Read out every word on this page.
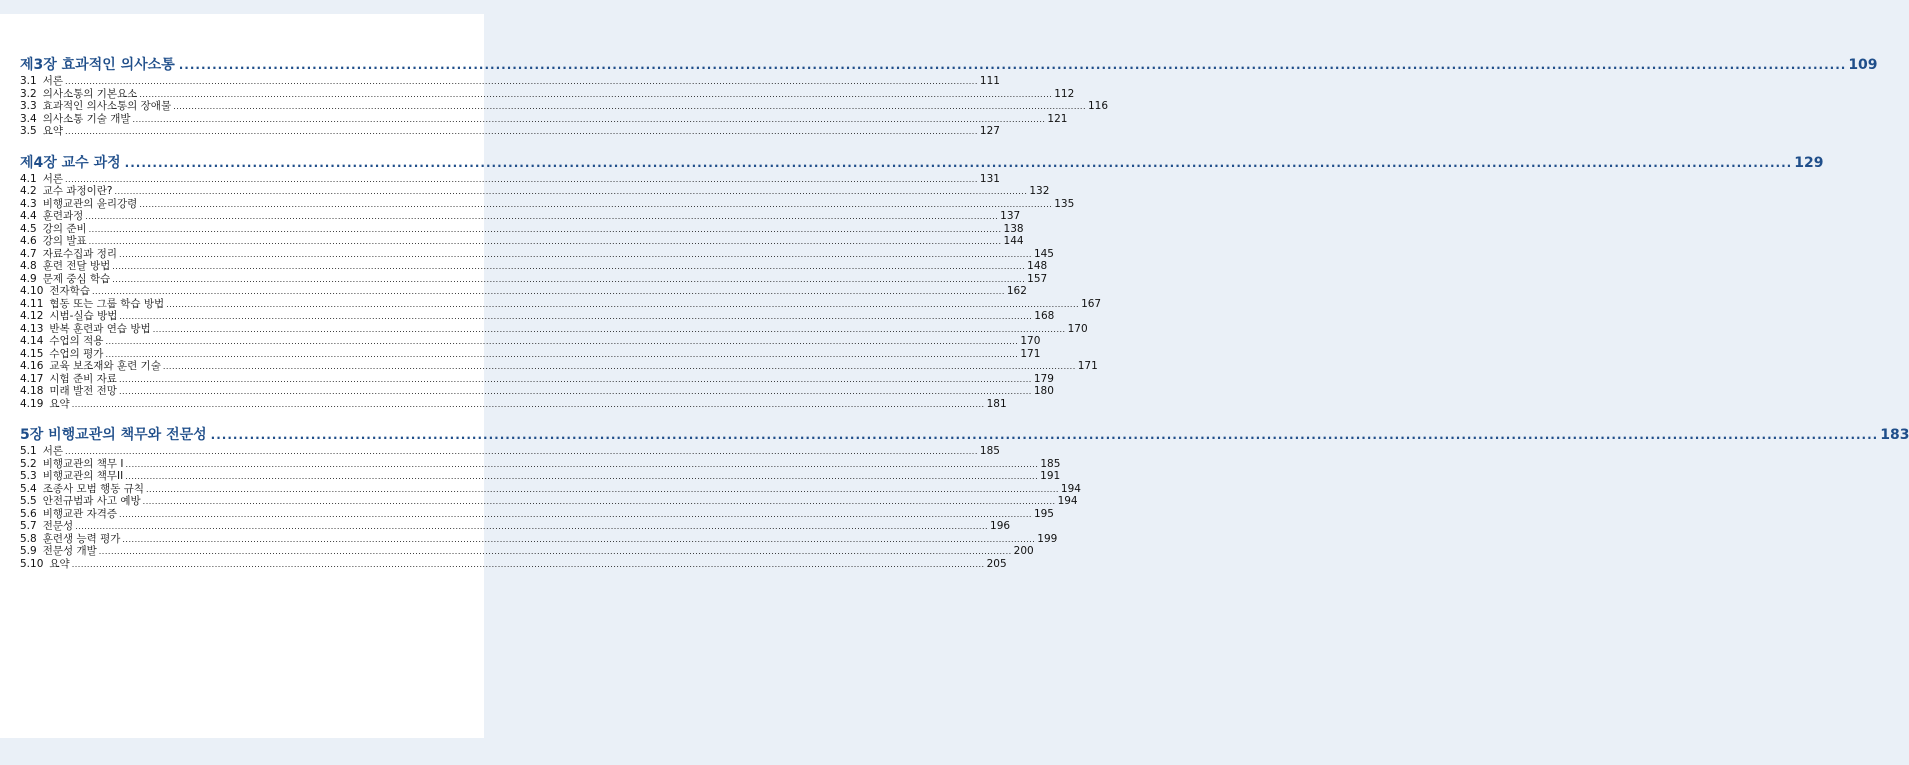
제3장 효과적인 의사소통 ............................................................................................................................................................................................................................................................................................................ 109
3.1 서론 ............................................................................................................................................................................................................................................................................................................ 111
3.2 의사소통의 기본요소 ............................................................................................................................................................................................................................................................................................................ 112
3.3 효과적인 의사소통의 장애물 ............................................................................................................................................................................................................................................................................................................ 116
3.4 의사소통 기술 개발 ............................................................................................................................................................................................................................................................................................................ 121
3.5 요약 ............................................................................................................................................................................................................................................................................................................ 127
제4장 교수 과정 ............................................................................................................................................................................................................................................................................................................ 129
4.1 서론 ............................................................................................................................................................................................................................................................................................................ 131
4.2 교수 과정이란? ............................................................................................................................................................................................................................................................................................................ 132
4.3 비행교관의 윤리강령 ............................................................................................................................................................................................................................................................................................................ 135
4.4 훈련과정 ............................................................................................................................................................................................................................................................................................................ 137
4.5 강의 준비 ............................................................................................................................................................................................................................................................................................................ 138
4.6 강의 발표 ............................................................................................................................................................................................................................................................................................................ 144
4.7 자료수집과 정리 ............................................................................................................................................................................................................................................................................................................ 145
4.8 훈련 전달 방법 ............................................................................................................................................................................................................................................................................................................ 148
4.9 문제 중심 학습 ............................................................................................................................................................................................................................................................................................................ 157
4.10 전자학습 ............................................................................................................................................................................................................................................................................................................ 162
4.11 협동 또는 그룹 학습 방법 ............................................................................................................................................................................................................................................................................................................ 167
4.12 시범-실습 방법 ............................................................................................................................................................................................................................................................................................................ 168
4.13 반복 훈련과 연습 방법 ............................................................................................................................................................................................................................................................................................................ 170
4.14 수업의 적용 ............................................................................................................................................................................................................................................................................................................ 170
4.15 수업의 평가 ............................................................................................................................................................................................................................................................................................................ 171
4.16 교육 보조재와 훈련 기술 ............................................................................................................................................................................................................................................................................................................ 171
4.17 시험 준비 자료 ............................................................................................................................................................................................................................................................................................................ 179
4.18 미래 발전 전망 ............................................................................................................................................................................................................................................................................................................ 180
4.19 요약 ............................................................................................................................................................................................................................................................................................................ 181
5장 비행교관의 책무와 전문성 ............................................................................................................................................................................................................................................................................................................ 183
5.1 서론 ............................................................................................................................................................................................................................................................................................................ 185
5.2 비행교관의 책무 I ............................................................................................................................................................................................................................................................................................................ 185
5.3 비행교관의 책무II ............................................................................................................................................................................................................................................................................................................ 191
5.4 조종사 모범 행동 규칙 ............................................................................................................................................................................................................................................................................................................ 194
5.5 안전규범과 사고 예방 ............................................................................................................................................................................................................................................................................................................ 194
5.6 비행교관 자격증 ............................................................................................................................................................................................................................................................................................................ 195
5.7 전문성 ............................................................................................................................................................................................................................................................................................................ 196
5.8 훈련생 능력 평가 ............................................................................................................................................................................................................................................................................................................ 199
5.9 전문성 개발 ............................................................................................................................................................................................................................................................................................................ 200
5.10 요약 ............................................................................................................................................................................................................................................................................................................ 205
